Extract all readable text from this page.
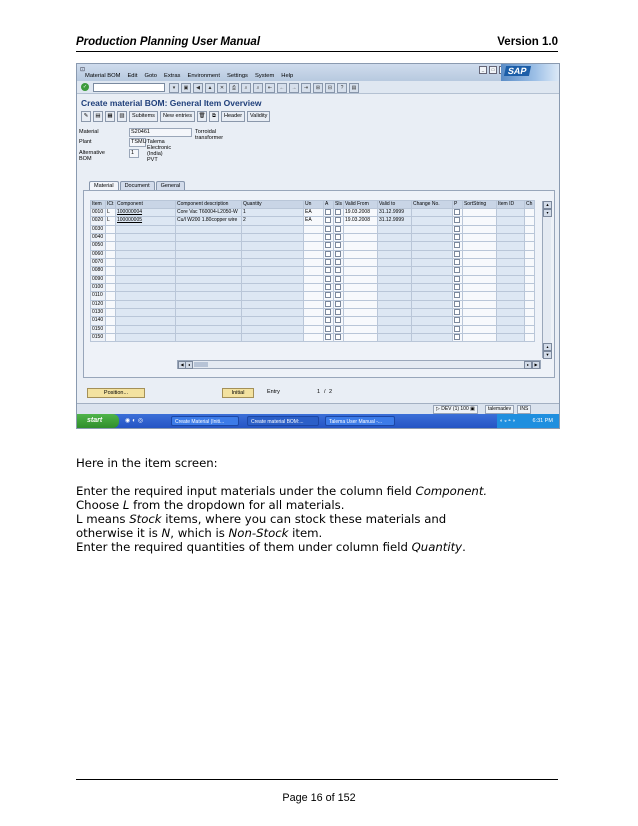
Production Planning User Manual	Version 1.0
⊡
Material BOM Edit Goto Extras Environment Settings System Help
_	□	SAP
✓	▾	▣	◀	▲	✕	⎙	⌕	⌕	⇤	←	→	⇥	⊞	⊟	?	▤
Create material BOM: General Item Overview
✎	▤	▦	▧	Subitems	New entries	🗑	⧉	Header	Validity
Material	S20461	Torroidal transformer
Plant	TSMU Talema Electronic (India) PVT
Alternative BOM
1
Material	Document	General
Item	ICt	Component	Component description	Quantity	Un	A	Sls	Valid From	Valid to	Change No.	P	SortString	Item ID	Ch
0010	L	100000004	Core Vac T60004-L2050-W	1	EA			19.03.2008	31.12.9999					
0020	L	100000005	Cu/l W200 1.80copper wire	2	EA			19.03.2008	31.12.9999					
0030														
0040														
0050														
0060														
0070														
0080														
0090														
0100														
0110														
0120														
0130														
0140														
0150														
0150														
▲
▾
▴
▼
◀	◂	▸	▶
Position...	Initial	Entry	1 / 2
▷ DEV (1) 100 ▣	talemadev	INS
start	◉◐◎	Create Material (Initi...	Create material BOM:...	Talema User Manual -...	◐◒◓◑	6:31 PM

Here in the item screen:

Enter the required input materials under the column field Component.

Choose L from the dropdown for all materials.

L means Stock items, where you can stock these materials and

otherwise it is N, which is Non-Stock item.

Enter the required quantities of them under column field Quantity.

Page 16 of 152
